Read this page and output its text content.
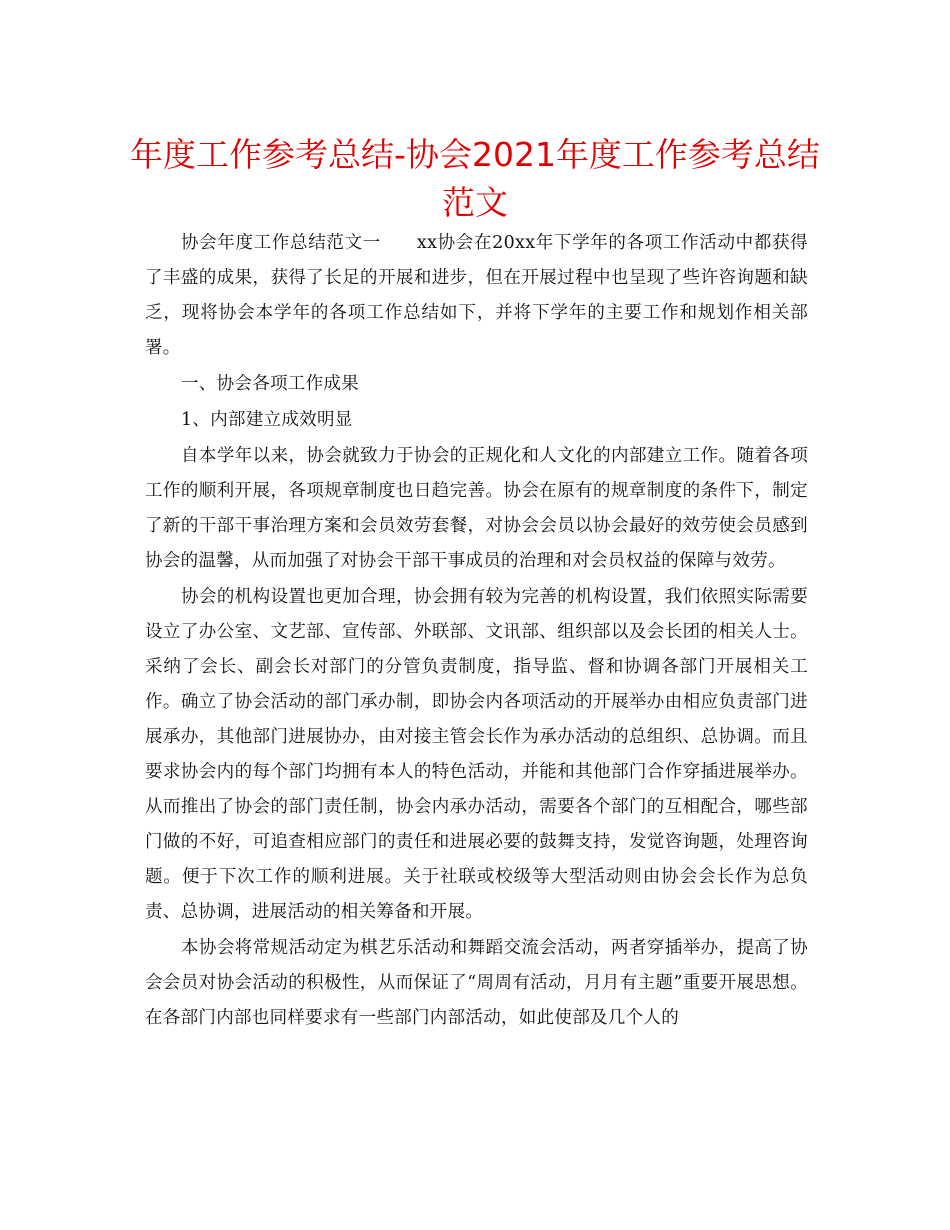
年度工作参考总结-协会2021年度工作参考总结范文

协会年度工作总结范文一 xx协会在20xx年下学年的各项工作活动中都获得了丰盛的成果，获得了长足的开展和进步，但在开展过程中也呈现了些许咨询题和缺乏，现将协会本学年的各项工作总结如下，并将下学年的主要工作和规划作相关部署。

一、协会各项工作成果

1、内部建立成效明显

自本学年以来，协会就致力于协会的正规化和人文化的内部建立工作。随着各项工作的顺利开展，各项规章制度也日趋完善。协会在原有的规章制度的条件下，制定了新的干部干事治理方案和会员效劳套餐，对协会会员以协会最好的效劳使会员感到协会的温馨，从而加强了对协会干部干事成员的治理和对会员权益的保障与效劳。

协会的机构设置也更加合理，协会拥有较为完善的机构设置，我们依照实际需要设立了办公室、文艺部、宣传部、外联部、文讯部、组织部以及会长团的相关人士。采纳了会长、副会长对部门的分管负责制度，指导监、督和协调各部门开展相关工作。确立了协会活动的部门承办制，即协会内各项活动的开展举办由相应负责部门进展承办，其他部门进展协办，由对接主管会长作为承办活动的总组织、总协调。而且要求协会内的每个部门均拥有本人的特色活动，并能和其他部门合作穿插进展举办。从而推出了协会的部门责任制，协会内承办活动，需要各个部门的互相配合，哪些部门做的不好，可追查相应部门的责任和进展必要的鼓舞支持，发觉咨询题，处理咨询题。便于下次工作的顺利进展。关于社联或校级等大型活动则由协会会长作为总负责、总协调，进展活动的相关筹备和开展。

本协会将常规活动定为棋艺乐活动和舞蹈交流会活动，两者穿插举办，提高了协会会员对协会活动的积极性，从而保证了“周周有活动，月月有主题”重要开展思想。在各部门内部也同样要求有一些部门内部活动，如此使部及几个人的
